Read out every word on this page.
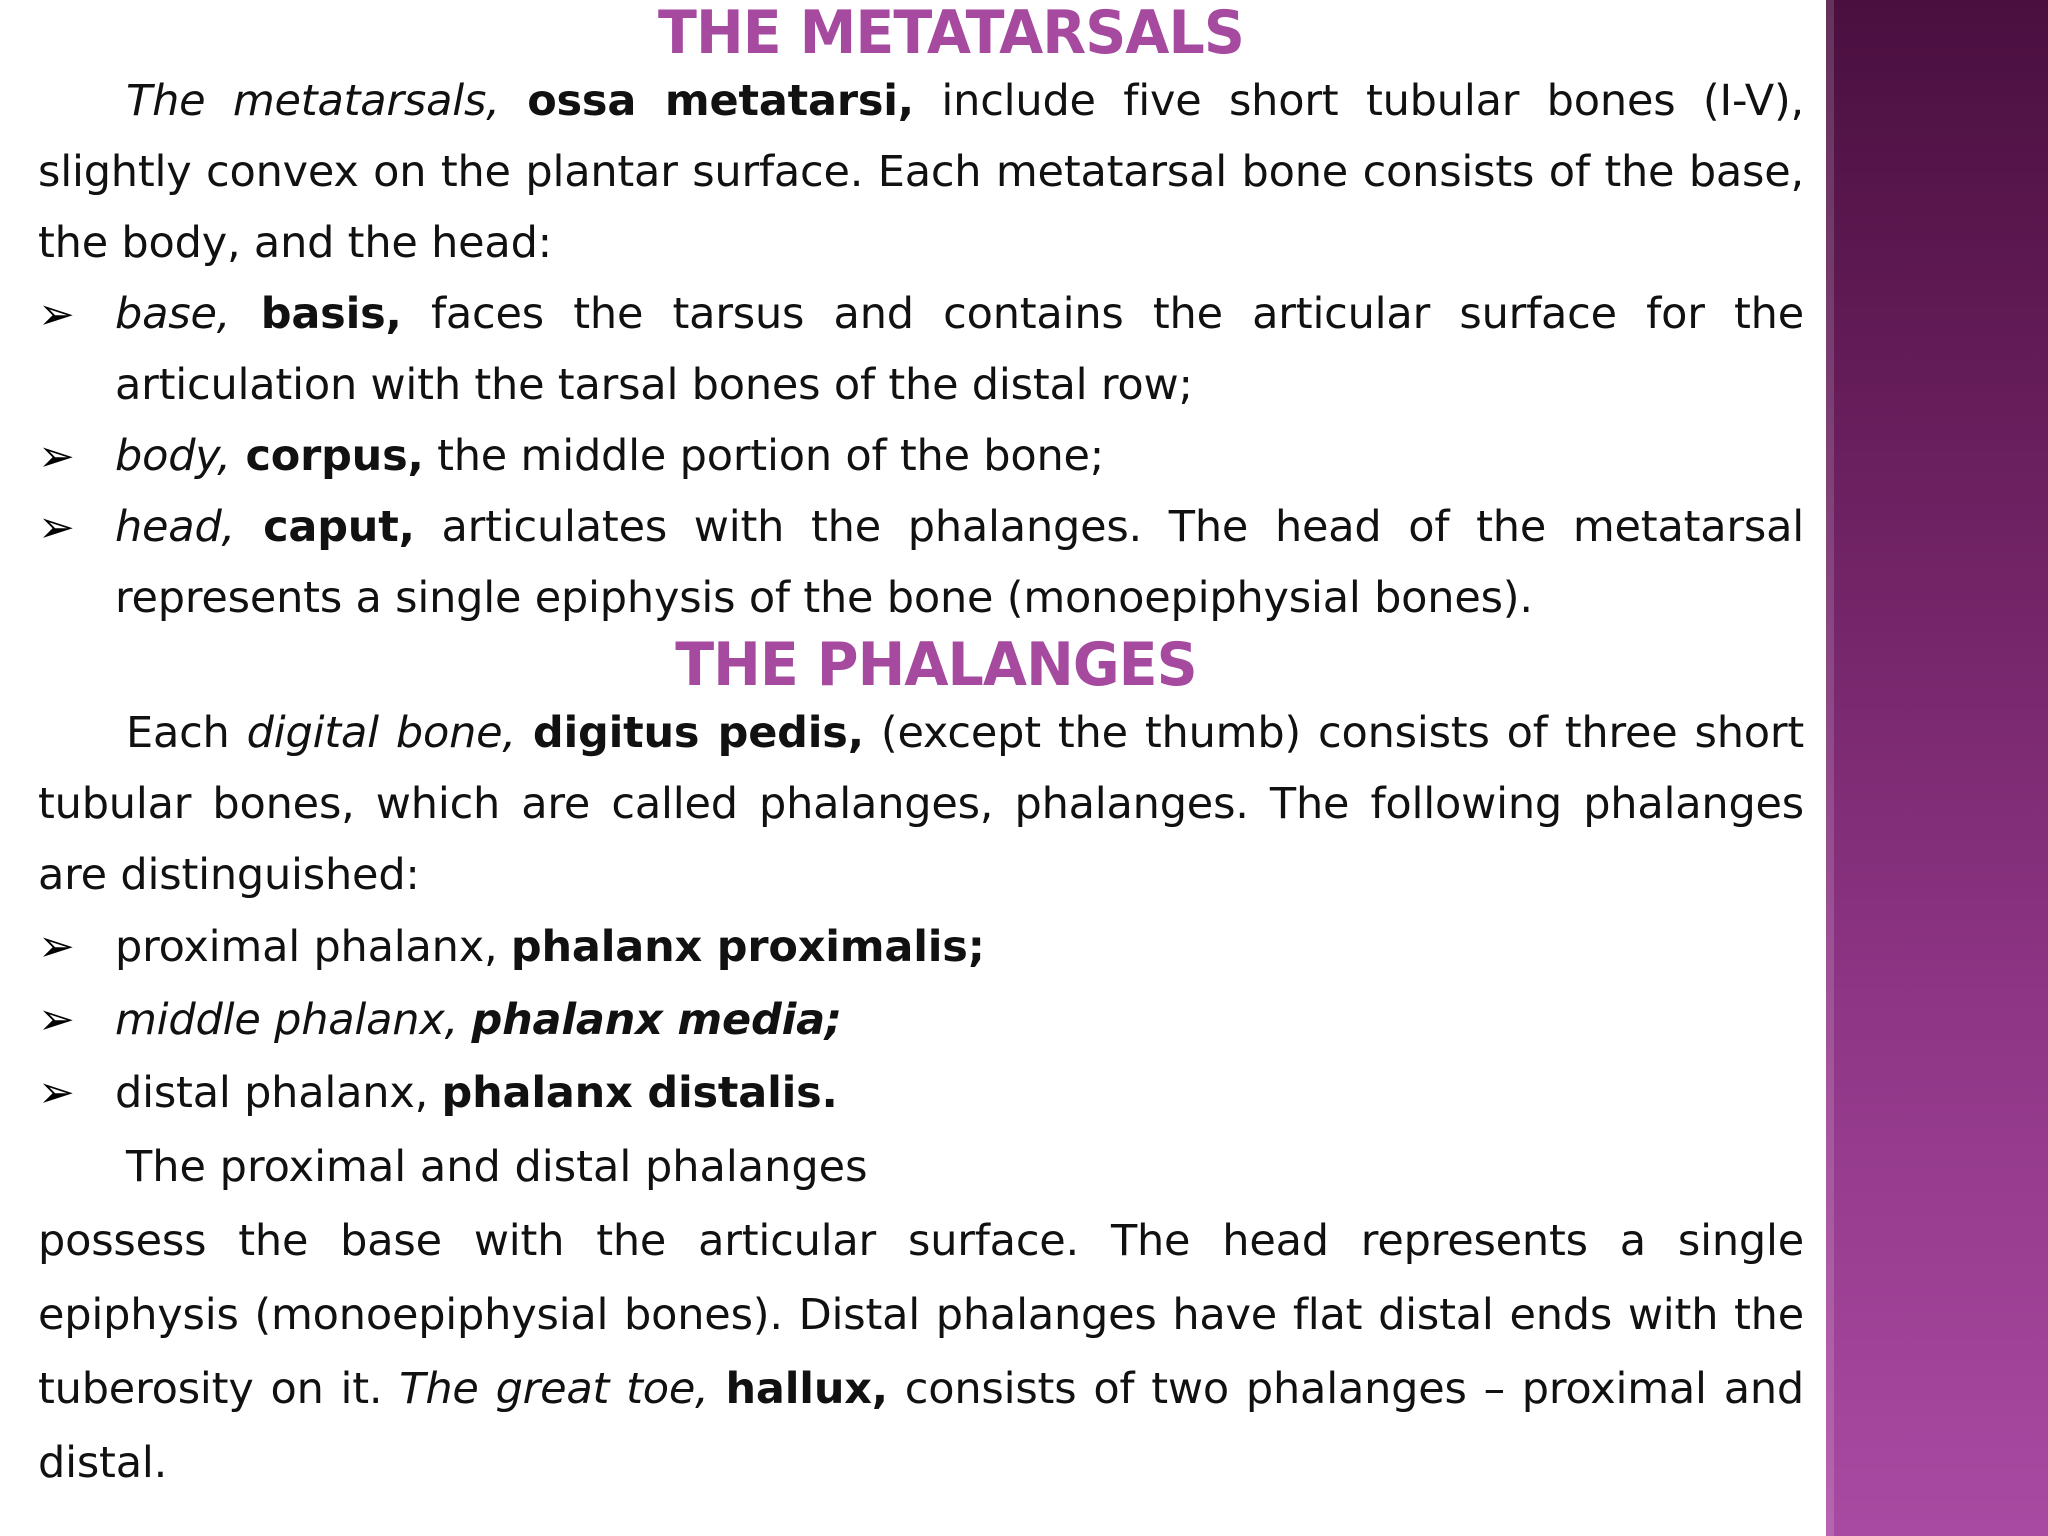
THE METATARSALS

The metatarsals, ossa metatarsi, include five short tubular bones (I-V), slightly convex on the plantar surface. Each metatarsal bone consists of the base, the body, and the head:

➢ base, basis, faces the tarsus and contains the articular surface for the articulation with the tarsal bones of the distal row;
➢ body, corpus, the middle portion of the bone;
➢ head, caput, articulates with the phalanges. The head of the metatarsal represents a single epiphysis of the bone (monoepiphysial bones).
THE PHALANGES

Each digital bone, digitus pedis, (except the thumb) consists of three short tubular bones, which are called phalanges, phalanges. The following phalanges are distinguished:

➢ proximal phalanx, phalanx proximalis;
➢ middle phalanx, phalanx media;
➢ distal phalanx, phalanx distalis.

The proximal and distal phalanges

possess the base with the articular surface. The head represents a single epiphysis (monoepiphysial bones). Distal phalanges have flat distal ends with the tuberosity on it. The great toe, hallux, consists of two phalanges – proximal and distal.
